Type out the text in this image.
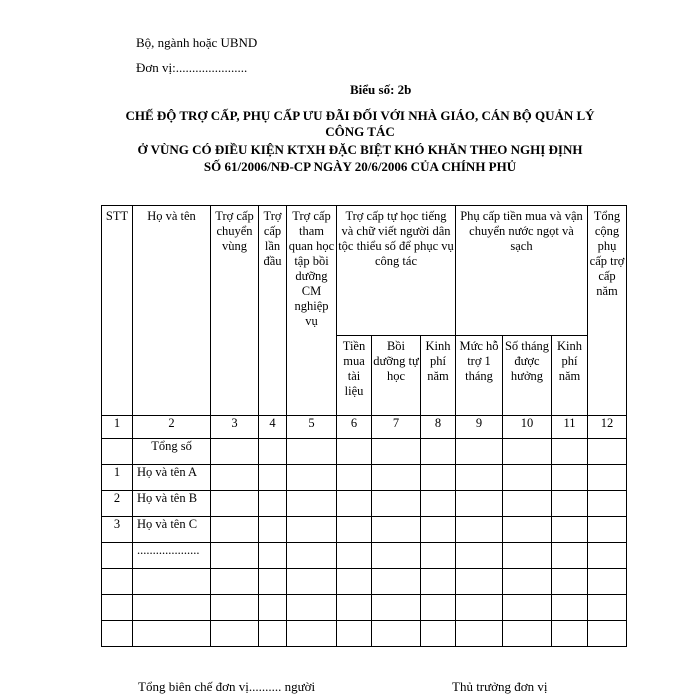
Bộ, ngành hoặc UBND
Đơn vị:......................
Biểu số: 2b
CHẾ ĐỘ TRỢ CẤP, PHỤ CẤP ƯU ĐÃI ĐỐI VỚI NHÀ GIÁO, CÁN BỘ QUẢN LÝ
CÔNG TÁC
Ở VÙNG CÓ ĐIỀU KIỆN KTXH ĐẶC BIỆT KHÓ KHĂN THEO NGHỊ ĐỊNH
SỐ 61/2006/NĐ-CP NGÀY 20/6/2006 CỦA CHÍNH PHỦ
STT	Họ và tên	Trợ cấp chuyển vùng	Trợ cấp lần đầu	Trợ cấp tham quan học tập bồi dưỡng CM nghiệp vụ	Trợ cấp tự học tiếng và chữ viết người dân tộc thiểu số để phục vụ công tác			Phụ cấp tiền mua và vận chuyển nước ngọt và sạch			Tổng cộng phụ cấp trợ cấp năm
					Tiền mua tài liệu	Bồi dưỡng tự học	Kinh phí năm	Mức hỗ trợ 1 tháng	Số tháng được hưởng	Kinh phí năm	
1	2	3	4	5	6	7	8	9	10	11	12
	Tổng số										
1	Họ và tên A										
2	Họ và tên B										
3	Họ và tên C										
	....................										

Tổng biên chế đơn vị.......... người	Thủ trưởng đơn vị
